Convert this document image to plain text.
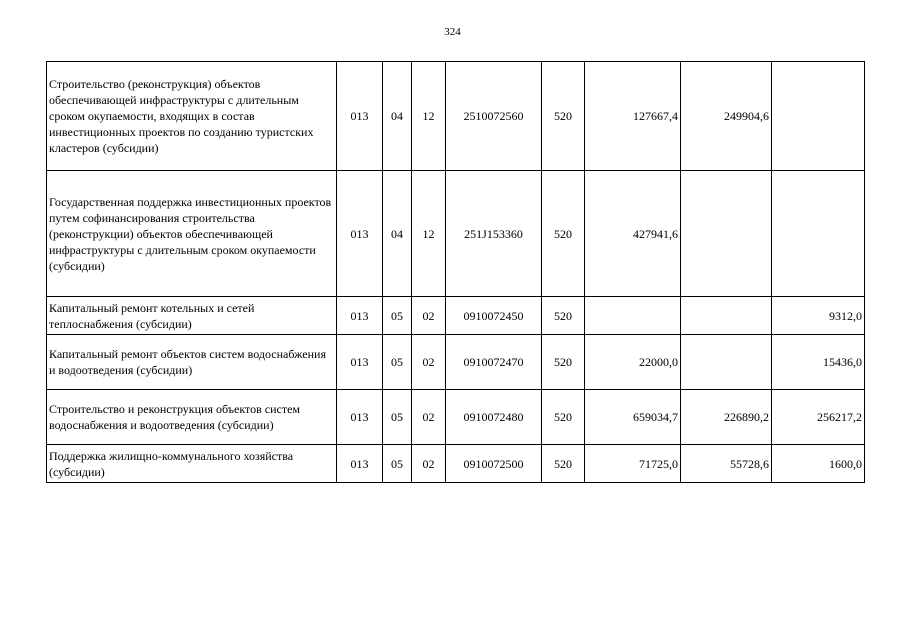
324
Строительство (реконструкция) объектов обеспечивающей инфраструктуры с длительным сроком окупаемости, входящих в состав инвестиционных проектов по созданию туристских кластеров (субсидии)	013	04	12	2510072560	520	127667,4	249904,6	
Государственная поддержка инвестиционных проектов путем софинансирования строительства (реконструкции) объектов обеспечивающей инфраструктуры с длительным сроком окупаемости (субсидии)	013	04	12	251J153360	520	427941,6		
Капитальный ремонт котельных и сетей теплоснабжения (субсидии)	013	05	02	0910072450	520			9312,0
Капитальный ремонт объектов систем водоснабжения и водоотведения (субсидии)	013	05	02	0910072470	520	22000,0		15436,0
Строительство и реконструкция объектов систем водоснабжения и водоотведения (субсидии)	013	05	02	0910072480	520	659034,7	226890,2	256217,2
Поддержка жилищно-коммунального хозяйства (субсидии)	013	05	02	0910072500	520	71725,0	55728,6	1600,0
